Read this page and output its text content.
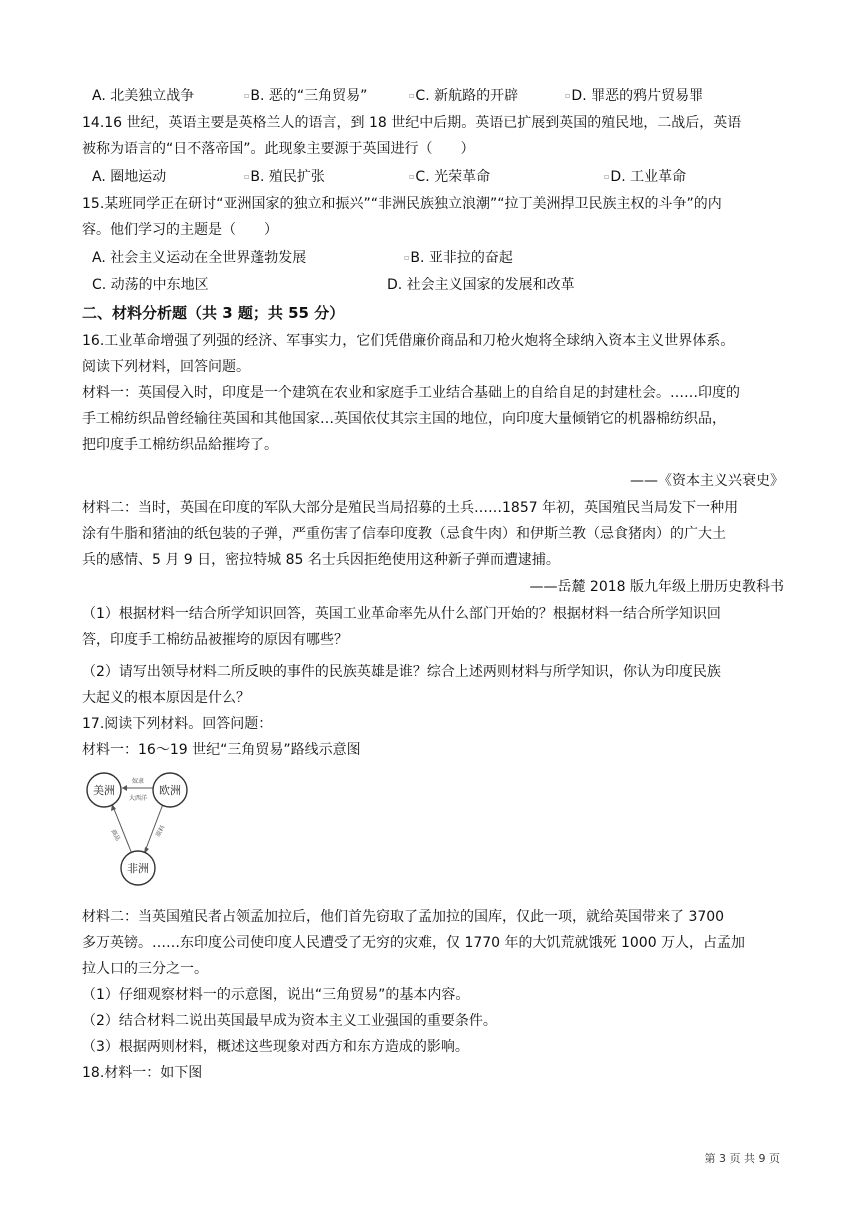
A. 北美独立战争	▫B. 恶的“三角贸易”	▫C. 新航路的开辟	▫D. 罪恶的鸦片贸易罪
14.16 世纪，英语主要是英格兰人的语言，到 18 世纪中后期。英语已扩展到英国的殖民地，二战后，英语
被称为语言的“日不落帝国”。此现象主要源于英国进行（　　）
A. 圈地运动	▫B. 殖民扩张	▫C. 光荣革命	▫D. 工业革命
15.某班同学正在研讨“亚洲国家的独立和振兴”“非洲民族独立浪潮”“拉丁美洲捍卫民族主权的斗争”的内
容。他们学习的主题是（　　）
A. 社会主义运动在全世界蓬勃发展	▫B. 亚非拉的奋起
C. 动荡的中东地区	D. 社会主义国家的发展和改革
二、材料分析题（共 3 题；共 55 分）
16.工业革命增强了列强的经济、军事实力，它们凭借廉价商品和刀枪火炮将全球纳入资本主义世界体系。
阅读下列材料，回答问题。
材料一：英国侵入时，印度是一个建筑在农业和家庭手工业结合基础上的自给自足的封建杜会。……印度的
手工棉纺织品曾经输往英国和其他国家…英国依仗其宗主国的地位，向印度大量倾销它的机器棉纺织品，
把印度手工棉纺织品給摧垮了。
——《资本主义兴衰史》
材料二：当时，英国在印度的军队大部分是殖民当局招募的土兵……1857 年初，英国殖民当局发下一种用
涂有牛脂和猪油的纸包装的子弹，严重伤害了信奉印度教（忌食牛肉）和伊斯兰教（忌食猪肉）的广大土
兵的感情、5 月 9 日，密拉特城 85 名士兵因拒绝使用这种新子弹而遭逮捕。
——岳麓 2018 版九年级上册历史教科书
（1）根据材料一结合所学知识回答，英国工业革命率先从什么部门开始的？根据材料一结合所学知识回
答，印度手工棉纺品被摧垮的原因有哪些？
（2）请写出领导材料二所反映的事件的民族英雄是谁？综合上述两则材料与所学知识，你认为印度民族
大起义的根本原因是什么？
17.阅读下列材料。回答问题：
材料一：16～19 世纪“三角贸易”路线示意图
美洲	欧洲
非洲
奴隶
大西洋
商品	原料
材料二：当英国殖民者占领孟加拉后，他们首先窃取了孟加拉的国库，仅此一项，就给英国带来了 3700
多万英镑。……东印度公司使印度人民遭受了无穷的灾难，仅 1770 年的大饥荒就饿死 1000 万人，占孟加
拉人口的三分之一。
（1）仔细观察材料一的示意图，说出“三角贸易”的基本内容。
（2）结合材料二说出英国最早成为资本主义工业强国的重要条件。
（3）根据两则材料，概述这些现象对西方和东方造成的影响。
18.材料一：如下图
第 3 页 共 9 页
